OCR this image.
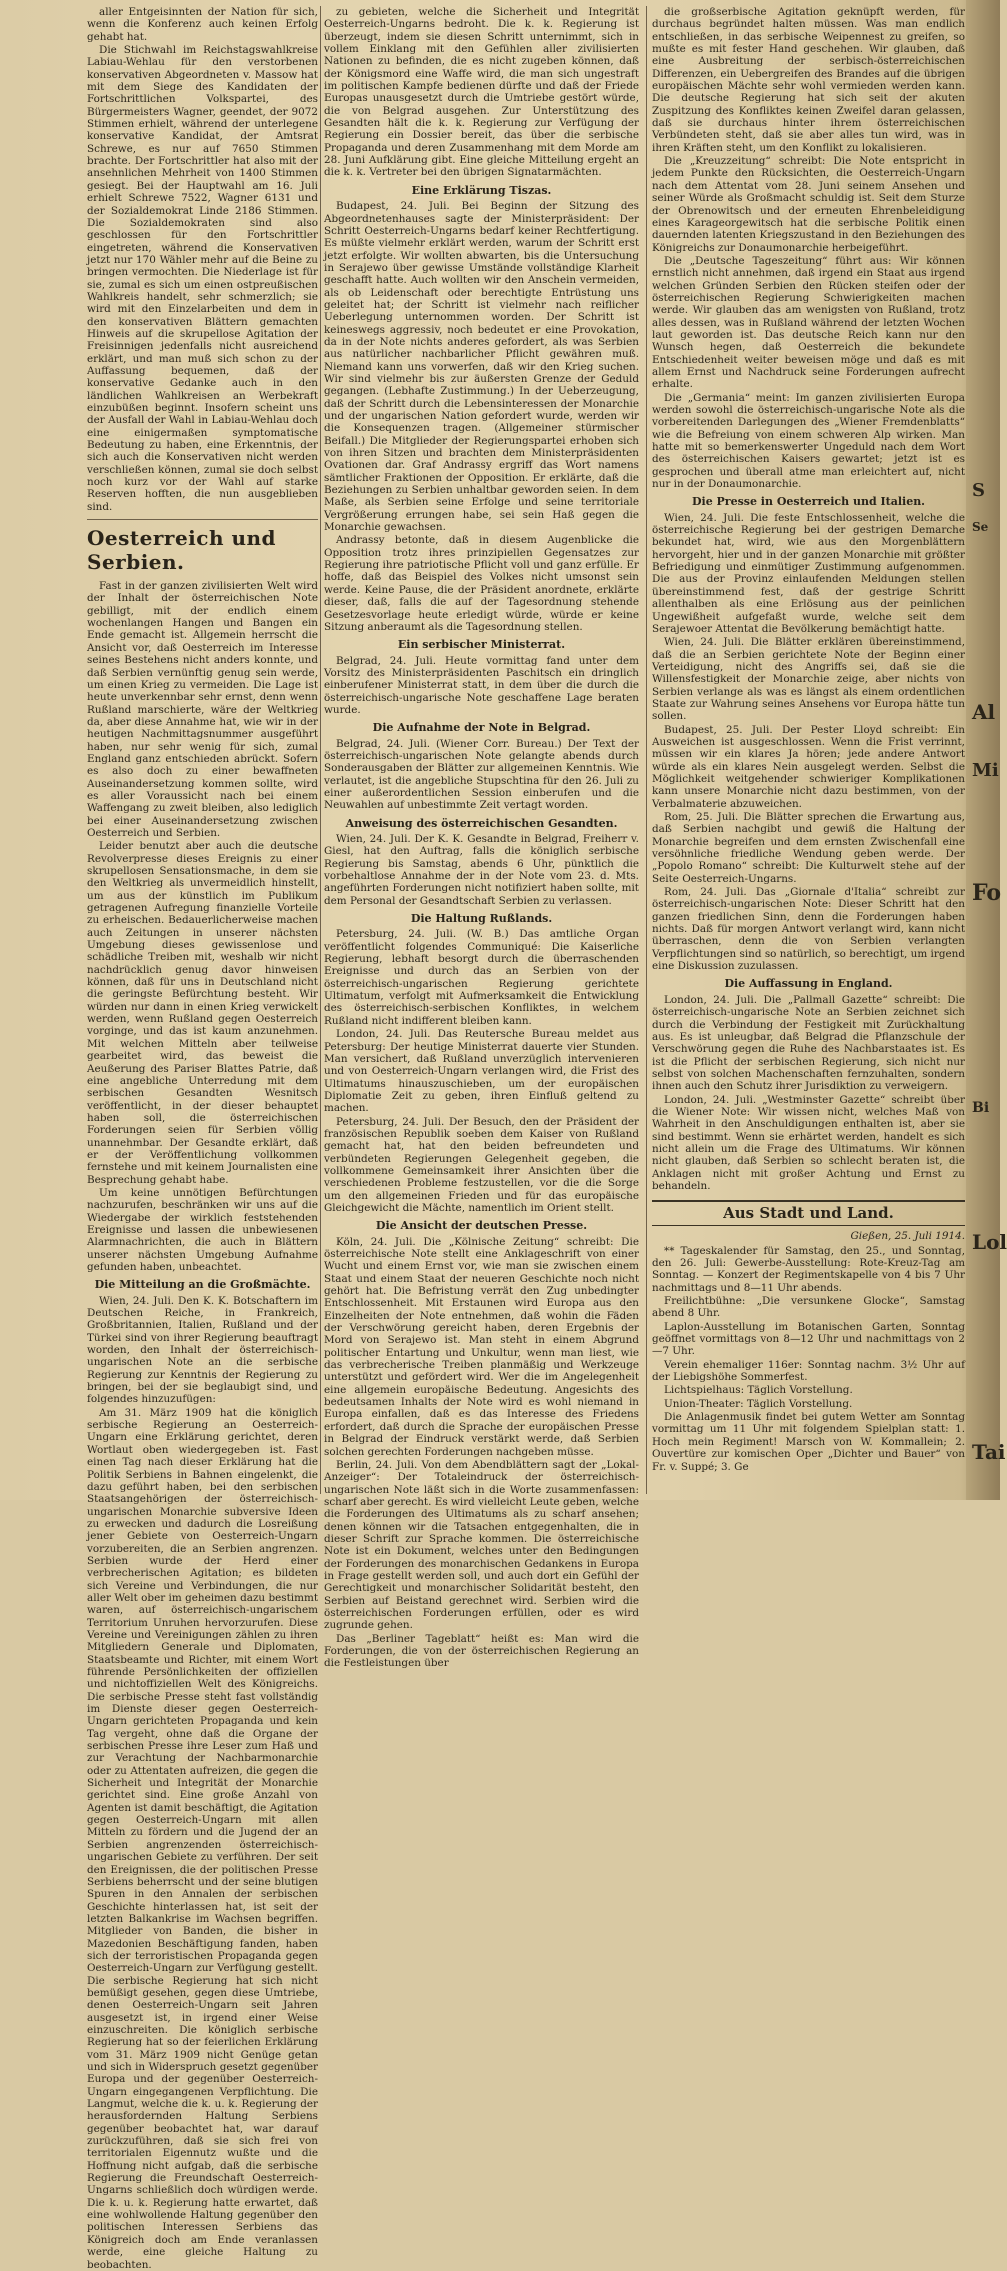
aller Entgeisinnten der Nation für sich, wenn die Konferenz auch keinen Erfolg gehabt hat.

Die Stichwahl im Reichstagswahlkreise Labiau-Wehlau für den verstorbenen konservativen Abgeordneten v. Massow hat mit dem Siege des Kandidaten der Fortschrittlichen Volkspartei, des Bürgermeisters Wagner, geendet, der 9072 Stimmen erhielt, während der unterlegene konservative Kandidat, der Amtsrat Schrewe, es nur auf 7650 Stimmen brachte. Der Fortschrittler hat also mit der ansehnlichen Mehrheit von 1400 Stimmen gesiegt. Bei der Hauptwahl am 16. Juli erhielt Schrewe 7522, Wagner 6131 und der Sozialdemokrat Linde 2186 Stimmen. Die Sozialdemokraten sind also geschlossen für den Fortschrittler eingetreten, während die Konservativen jetzt nur 170 Wähler mehr auf die Beine zu bringen vermochten. Die Niederlage ist für sie, zumal es sich um einen ostpreußischen Wahlkreis handelt, sehr schmerzlich; sie wird mit den Einzelarbeiten und dem in den konservativen Blättern gemachten Hinweis auf die skrupellose Agitation der Freisinnigen jedenfalls nicht ausreichend erklärt, und man muß sich schon zu der Auffassung bequemen, daß der konservative Gedanke auch in den ländlichen Wahlkreisen an Werbekraft einzubüßen beginnt. Insofern scheint uns der Ausfall der Wahl in Labiau-Wehlau doch eine einigermaßen symptomatische Bedeutung zu haben, eine Erkenntnis, der sich auch die Konservativen nicht werden verschließen können, zumal sie doch selbst noch kurz vor der Wahl auf starke Reserven hofften, die nun ausgeblieben sind.

Oesterreich und Serbien.

Fast in der ganzen zivilisierten Welt wird der Inhalt der österreichischen Note gebilligt, mit der endlich einem wochenlangen Hangen und Bangen ein Ende gemacht ist. Allgemein herrscht die Ansicht vor, daß Oesterreich im Interesse seines Bestehens nicht anders konnte, und daß Serbien vernünftig genug sein werde, um einen Krieg zu vermeiden. Die Lage ist heute unverkennbar sehr ernst, denn wenn Rußland marschierte, wäre der Weltkrieg da, aber diese Annahme hat, wie wir in der heutigen Nachmittagsnummer ausgeführt haben, nur sehr wenig für sich, zumal England ganz entschieden abrückt. Sofern es also doch zu einer bewaffneten Auseinandersetzung kommen sollte, wird es aller Voraussicht nach bei einem Waffengang zu zweit bleiben, also lediglich bei einer Auseinandersetzung zwischen Oesterreich und Serbien.

Leider benutzt aber auch die deutsche Revolverpresse dieses Ereignis zu einer skrupellosen Sensationsmache, in dem sie den Weltkrieg als unvermeidlich hinstellt, um aus der künstlich im Publikum getragenen Aufregung finanzielle Vorteile zu erheischen. Bedauerlicherweise machen auch Zeitungen in unserer nächsten Umgebung dieses gewissenlose und schädliche Treiben mit, weshalb wir nicht nachdrücklich genug davor hinweisen können, daß für uns in Deutschland nicht die geringste Befürchtung besteht. Wir würden nur dann in einen Krieg verwickelt werden, wenn Rußland gegen Oesterreich vorginge, und das ist kaum anzunehmen. Mit welchen Mitteln aber teilweise gearbeitet wird, das beweist die Aeußerung des Pariser Blattes Patrie, daß eine angebliche Unterredung mit dem serbischen Gesandten Wesnitsch veröffentlicht, in der dieser behauptet haben soll, die österreichischen Forderungen seien für Serbien völlig unannehmbar. Der Gesandte erklärt, daß er der Veröffentlichung vollkommen fernstehe und mit keinem Journalisten eine Besprechung gehabt habe.

Um keine unnötigen Befürchtungen nachzurufen, beschränken wir uns auf die Wiedergabe der wirklich feststehenden Ereignisse und lassen die unbewiesenen Alarmnachrichten, die auch in Blättern unserer nächsten Umgebung Aufnahme gefunden haben, unbeachtet.

Die Mitteilung an die Großmächte.

Wien, 24. Juli. Den K. K. Botschaftern im Deutschen Reiche, in Frankreich, Großbritannien, Italien, Rußland und der Türkei sind von ihrer Regierung beauftragt worden, den Inhalt der österreichisch-ungarischen Note an die serbische Regierung zur Kenntnis der Regierung zu bringen, bei der sie beglaubigt sind, und folgendes hinzuzufügen:

Am 31. März 1909 hat die königlich serbische Regierung an Oesterreich-Ungarn eine Erklärung gerichtet, deren Wortlaut oben wiedergegeben ist. Fast einen Tag nach dieser Erklärung hat die Politik Serbiens in Bahnen eingelenkt, die dazu geführt haben, bei den serbischen Staatsangehörigen der österreichisch-ungarischen Monarchie subversive Ideen zu erwecken und dadurch die Losreißung jener Gebiete von Oesterreich-Ungarn vorzubereiten, die an Serbien angrenzen. Serbien wurde der Herd einer verbrecherischen Agitation; es bildeten sich Vereine und Verbindungen, die nur aller Welt ober im geheimen dazu bestimmt waren, auf österreichisch-ungarischem Territorium Unruhen hervorzurufen. Diese Vereine und Vereinigungen zählen zu ihren Mitgliedern Generale und Diplomaten, Staatsbeamte und Richter, mit einem Wort führende Persönlichkeiten der offiziellen und nichtoffiziellen Welt des Königreichs. Die serbische Presse steht fast vollständig im Dienste dieser gegen Oesterreich-Ungarn gerichteten Propaganda und kein Tag vergeht, ohne daß die Organe der serbischen Presse ihre Leser zum Haß und zur Verachtung der Nachbarmonarchie oder zu Attentaten aufreizen, die gegen die Sicherheit und Integrität der Monarchie gerichtet sind. Eine große Anzahl von Agenten ist damit beschäftigt, die Agitation gegen Oesterreich-Ungarn mit allen Mitteln zu fördern und die Jugend der an Serbien angrenzenden österreichisch-ungarischen Gebiete zu verführen. Der seit den Ereignissen, die der politischen Presse Serbiens beherrscht und der seine blutigen Spuren in den Annalen der serbischen Geschichte hinterlassen hat, ist seit der letzten Balkankrise im Wachsen begriffen. Mitglieder von Banden, die bisher in Mazedonien Beschäftigung fanden, haben sich der terroristischen Propaganda gegen Oesterreich-Ungarn zur Verfügung gestellt. Die serbische Regierung hat sich nicht bemüßigt gesehen, gegen diese Umtriebe, denen Oesterreich-Ungarn seit Jahren ausgesetzt ist, in irgend einer Weise einzuschreiten. Die königlich serbische Regierung hat so der feierlichen Erklärung vom 31. März 1909 nicht Genüge getan und sich in Widerspruch gesetzt gegenüber Europa und der gegenüber Oesterreich-Ungarn eingegangenen Verpflichtung. Die Langmut, welche die k. u. k. Regierung der herausfordernden Haltung Serbiens gegenüber beobachtet hat, war darauf zurückzuführen, daß sie sich frei von territorialen Eigennutz wußte und die Hoffnung nicht aufgab, daß die serbische Regierung die Freundschaft Oesterreich-Ungarns schließlich doch würdigen werde. Die k. u. k. Regierung hatte erwartet, daß eine wohlwollende Haltung gegenüber den politischen Interessen Serbiens das Königreich doch am Ende veranlassen werde, eine gleiche Haltung zu beobachten.

zu gebieten, welche die Sicherheit und Integrität Oesterreich-Ungarns bedroht. Die k. k. Regierung ist überzeugt, indem sie diesen Schritt unternimmt, sich in vollem Einklang mit den Gefühlen aller zivilisierten Nationen zu befinden, die es nicht zugeben können, daß der Königsmord eine Waffe wird, die man sich ungestraft im politischen Kampfe bedienen dürfte und daß der Friede Europas unausgesetzt durch die Umtriebe gestört würde, die von Belgrad ausgehen. Zur Unterstützung des Gesandten hält die k. k. Regierung zur Verfügung der Regierung ein Dossier bereit, das über die serbische Propaganda und deren Zusammenhang mit dem Morde am 28. Juni Aufklärung gibt. Eine gleiche Mitteilung ergeht an die k. k. Vertreter bei den übrigen Signatarmächten.

Eine Erklärung Tiszas.

Budapest, 24. Juli. Bei Beginn der Sitzung des Abgeordnetenhauses sagte der Ministerpräsident: Der Schritt Oesterreich-Ungarns bedarf keiner Rechtfertigung. Es müßte vielmehr erklärt werden, warum der Schritt erst jetzt erfolgte. Wir wollten abwarten, bis die Untersuchung in Serajewo über gewisse Umstände vollständige Klarheit geschafft hatte. Auch wollten wir den Anschein vermeiden, als ob Leidenschaft oder berechtigte Entrüstung uns geleitet hat; der Schritt ist vielmehr nach reiflicher Ueberlegung unternommen worden. Der Schritt ist keineswegs aggressiv, noch bedeutet er eine Provokation, da in der Note nichts anderes gefordert, als was Serbien aus natürlicher nachbarlicher Pflicht gewähren muß. Niemand kann uns vorwerfen, daß wir den Krieg suchen. Wir sind vielmehr bis zur äußersten Grenze der Geduld gegangen. (Lebhafte Zustimmung.) In der Ueberzeugung, daß der Schritt durch die Lebensinteressen der Monarchie und der ungarischen Nation gefordert wurde, werden wir die Konsequenzen tragen. (Allgemeiner stürmischer Beifall.) Die Mitglieder der Regierungspartei erhoben sich von ihren Sitzen und brachten dem Ministerpräsidenten Ovationen dar. Graf Andrassy ergriff das Wort namens sämtlicher Fraktionen der Opposition. Er erklärte, daß die Beziehungen zu Serbien unhaltbar geworden seien. In dem Maße, als Serbien seine Erfolge und seine territoriale Vergrößerung errungen habe, sei sein Haß gegen die Monarchie gewachsen.

Andrassy betonte, daß in diesem Augenblicke die Opposition trotz ihres prinzipiellen Gegensatzes zur Regierung ihre patriotische Pflicht voll und ganz erfülle. Er hoffe, daß das Beispiel des Volkes nicht umsonst sein werde. Keine Pause, die der Präsident anordnete, erklärte dieser, daß, falls die auf der Tagesordnung stehende Gesetzesvorlage heute erledigt würde, würde er keine Sitzung anberaumt als die Tagesordnung stellen.

Ein serbischer Ministerrat.

Belgrad, 24. Juli. Heute vormittag fand unter dem Vorsitz des Ministerpräsidenten Paschitsch ein dringlich einberufener Ministerrat statt, in dem über die durch die österreichisch-ungarische Note geschaffene Lage beraten wurde.

Die Aufnahme der Note in Belgrad.

Belgrad, 24. Juli. (Wiener Corr. Bureau.) Der Text der österreichisch-ungarischen Note gelangte abends durch Sonderausgaben der Blätter zur allgemeinen Kenntnis. Wie verlautet, ist die angebliche Stupschtina für den 26. Juli zu einer außerordentlichen Session einberufen und die Neuwahlen auf unbestimmte Zeit vertagt worden.

Anweisung des österreichischen Gesandten.

Wien, 24. Juli. Der K. K. Gesandte in Belgrad, Freiherr v. Giesl, hat den Auftrag, falls die königlich serbische Regierung bis Samstag, abends 6 Uhr, pünktlich die vorbehaltlose Annahme der in der Note vom 23. d. Mts. angeführten Forderungen nicht notifiziert haben sollte, mit dem Personal der Gesandtschaft Serbien zu verlassen.

Die Haltung Rußlands.

Petersburg, 24. Juli. (W. B.) Das amtliche Organ veröffentlicht folgendes Communiqué: Die Kaiserliche Regierung, lebhaft besorgt durch die überraschenden Ereignisse und durch das an Serbien von der österreichisch-ungarischen Regierung gerichtete Ultimatum, verfolgt mit Aufmerksamkeit die Entwicklung des österreichisch-serbischen Konfliktes, in welchem Rußland nicht indifferent bleiben kann.

London, 24. Juli. Das Reutersche Bureau meldet aus Petersburg: Der heutige Ministerrat dauerte vier Stunden. Man versichert, daß Rußland unverzüglich intervenieren und von Oesterreich-Ungarn verlangen wird, die Frist des Ultimatums hinauszuschieben, um der europäischen Diplomatie Zeit zu geben, ihren Einfluß geltend zu machen.

Petersburg, 24. Juli. Der Besuch, den der Präsident der französischen Republik soeben dem Kaiser von Rußland gemacht hat, hat den beiden befreundeten und verbündeten Regierungen Gelegenheit gegeben, die vollkommene Gemeinsamkeit ihrer Ansichten über die verschiedenen Probleme festzustellen, vor die die Sorge um den allgemeinen Frieden und für das europäische Gleichgewicht die Mächte, namentlich im Orient stellt.

Die Ansicht der deutschen Presse.

Köln, 24. Juli. Die „Kölnische Zeitung“ schreibt: Die österreichische Note stellt eine Anklageschrift von einer Wucht und einem Ernst vor, wie man sie zwischen einem Staat und einem Staat der neueren Geschichte noch nicht gehört hat. Die Befristung verrät den Zug unbedingter Entschlossenheit. Mit Erstaunen wird Europa aus den Einzelheiten der Note entnehmen, daß wohin die Fäden der Verschwörung gereicht haben, deren Ergebnis der Mord von Serajewo ist. Man steht in einem Abgrund politischer Entartung und Unkultur, wenn man liest, wie das verbrecherische Treiben planmäßig und Werkzeuge unterstützt und gefördert wird. Wer die im Angelegenheit eine allgemein europäische Bedeutung. Angesichts des bedeutsamen Inhalts der Note wird es wohl niemand in Europa einfallen, daß es das Interesse des Friedens erfordert, daß durch die Sprache der europäischen Presse in Belgrad der Eindruck verstärkt werde, daß Serbien solchen gerechten Forderungen nachgeben müsse.

Berlin, 24. Juli. Von dem Abendblättern sagt der „Lokal-Anzeiger“: Der Totaleindruck der österreichisch-ungarischen Note läßt sich in die Worte zusammenfassen: scharf aber gerecht. Es wird vielleicht Leute geben, welche die Forderungen des Ultimatums als zu scharf ansehen; denen können wir die Tatsachen entgegenhalten, die in dieser Schrift zur Sprache kommen. Die österreichische Note ist ein Dokument, welches unter den Bedingungen der Forderungen des monarchischen Gedankens in Europa in Frage gestellt werden soll, und auch dort ein Gefühl der Gerechtigkeit und monarchischer Solidarität besteht, den Serbien auf Beistand gerechnet wird. Serbien wird die österreichischen Forderungen erfüllen, oder es wird zugrunde gehen.

Das „Berliner Tageblatt“ heißt es: Man wird die Forderungen, die von der österreichischen Regierung an die Festleistungen über

die großserbische Agitation geknüpft werden, für durchaus begründet halten müssen. Was man endlich entschließen, in das serbische Weipennest zu greifen, so mußte es mit fester Hand geschehen. Wir glauben, daß eine Ausbreitung der serbisch-österreichischen Differenzen, ein Uebergreifen des Brandes auf die übrigen europäischen Mächte sehr wohl vermieden werden kann. Die deutsche Regierung hat sich seit der akuten Zuspitzung des Konfliktes keinen Zweifel daran gelassen, daß sie durchaus hinter ihrem österreichischen Verbündeten steht, daß sie aber alles tun wird, was in ihren Kräften steht, um den Konflikt zu lokalisieren.

Die „Kreuzzeitung“ schreibt: Die Note entspricht in jedem Punkte den Rücksichten, die Oesterreich-Ungarn nach dem Attentat vom 28. Juni seinem Ansehen und seiner Würde als Großmacht schuldig ist. Seit dem Sturze der Obrenowitsch und der erneuten Ehrenbeleidigung eines Karageorgewitsch hat die serbische Politik einen dauernden latenten Kriegszustand in den Beziehungen des Königreichs zur Donaumonarchie herbeigeführt.

Die „Deutsche Tageszeitung“ führt aus: Wir können ernstlich nicht annehmen, daß irgend ein Staat aus irgend welchen Gründen Serbien den Rücken steifen oder der österreichischen Regierung Schwierigkeiten machen werde. Wir glauben das am wenigsten von Rußland, trotz alles dessen, was in Rußland während der letzten Wochen laut geworden ist. Das deutsche Reich kann nur den Wunsch hegen, daß Oesterreich die bekundete Entschiedenheit weiter beweisen möge und daß es mit allem Ernst und Nachdruck seine Forderungen aufrecht erhalte.

Die „Germania“ meint: Im ganzen zivilisierten Europa werden sowohl die österreichisch-ungarische Note als die vorbereitenden Darlegungen des „Wiener Fremdenblatts“ wie die Befreiung von einem schweren Alp wirken. Man hatte mit so bemerkenswerter Ungeduld nach dem Wort des österreichischen Kaisers gewartet; jetzt ist es gesprochen und überall atme man erleichtert auf, nicht nur in der Donaumonarchie.

Die Presse in Oesterreich und Italien.

Wien, 24. Juli. Die feste Entschlossenheit, welche die österreichische Regierung bei der gestrigen Demarche bekundet hat, wird, wie aus den Morgenblättern hervorgeht, hier und in der ganzen Monarchie mit größter Befriedigung und einmütiger Zustimmung aufgenommen. Die aus der Provinz einlaufenden Meldungen stellen übereinstimmend fest, daß der gestrige Schritt allenthalben als eine Erlösung aus der peinlichen Ungewißheit aufgefaßt wurde, welche seit dem Serajewoer Attentat die Bevölkerung bemächtigt hatte.

Wien, 24. Juli. Die Blätter erklären übereinstimmend, daß die an Serbien gerichtete Note der Beginn einer Verteidigung, nicht des Angriffs sei, daß sie die Willensfestigkeit der Monarchie zeige, aber nichts von Serbien verlange als was es längst als einem ordentlichen Staate zur Wahrung seines Ansehens vor Europa hätte tun sollen.

Budapest, 25. Juli. Der Pester Lloyd schreibt: Ein Ausweichen ist ausgeschlossen. Wenn die Frist verrinnt, müssen wir ein klares Ja hören; jede andere Antwort würde als ein klares Nein ausgelegt werden. Selbst die Möglichkeit weitgehender schwieriger Komplikationen kann unsere Monarchie nicht dazu bestimmen, von der Verbalmaterie abzuweichen.

Rom, 25. Juli. Die Blätter sprechen die Erwartung aus, daß Serbien nachgibt und gewiß die Haltung der Monarchie begreifen und dem ernsten Zwischenfall eine versöhnliche friedliche Wendung geben werde. Der „Popolo Romano“ schreibt: Die Kulturwelt stehe auf der Seite Oesterreich-Ungarns.

Rom, 24. Juli. Das „Giornale d'Italia“ schreibt zur österreichisch-ungarischen Note: Dieser Schritt hat den ganzen friedlichen Sinn, denn die Forderungen haben nichts. Daß für morgen Antwort verlangt wird, kann nicht überraschen, denn die von Serbien verlangten Verpflichtungen sind so natürlich, so berechtigt, um irgend eine Diskussion zuzulassen.

Die Auffassung in England.

London, 24. Juli. Die „Pallmall Gazette“ schreibt: Die österreichisch-ungarische Note an Serbien zeichnet sich durch die Verbindung der Festigkeit mit Zurückhaltung aus. Es ist unleugbar, daß Belgrad die Pflanzschule der Verschwörung gegen die Ruhe des Nachbarstaates ist. Es ist die Pflicht der serbischen Regierung, sich nicht nur selbst von solchen Machenschaften fernzuhalten, sondern ihnen auch den Schutz ihrer Jurisdiktion zu verweigern.

London, 24. Juli. „Westminster Gazette“ schreibt über die Wiener Note: Wir wissen nicht, welches Maß von Wahrheit in den Anschuldigungen enthalten ist, aber sie sind bestimmt. Wenn sie erhärtet werden, handelt es sich nicht allein um die Frage des Ultimatums. Wir können nicht glauben, daß Serbien so schlecht beraten ist, die Anklagen nicht mit großer Achtung und Ernst zu behandeln.

Aus Stadt und Land.
Gießen, 25. Juli 1914.

** Tageskalender für Samstag, den 25., und Sonntag, den 26. Juli: Gewerbe-Ausstellung: Rote-Kreuz-Tag am Sonntag. — Konzert der Regimentskapelle von 4 bis 7 Uhr nachmittags und 8—11 Uhr abends.

Freilichtbühne: „Die versunkene Glocke“, Samstag abend 8 Uhr.

Laplon-Ausstellung im Botanischen Garten, Sonntag geöffnet vormittags von 8—12 Uhr und nachmittags von 2—7 Uhr.

Verein ehemaliger 116er: Sonntag nachm. 3½ Uhr auf der Liebigshöhe Sommerfest.

Lichtspielhaus: Täglich Vorstellung.

Union-Theater: Täglich Vorstellung.

Die Anlagenmusik findet bei gutem Wetter am Sonntag vormittag um 11 Uhr mit folgendem Spielplan statt: 1. Hoch mein Regiment! Marsch von W. Kommallein; 2. Ouvertüre zur komischen Oper „Dichter und Bauer“ von Fr. v. Suppé; 3. Ge

S
Se
Mi
Fo
Al
Bi
Lol
Tai
